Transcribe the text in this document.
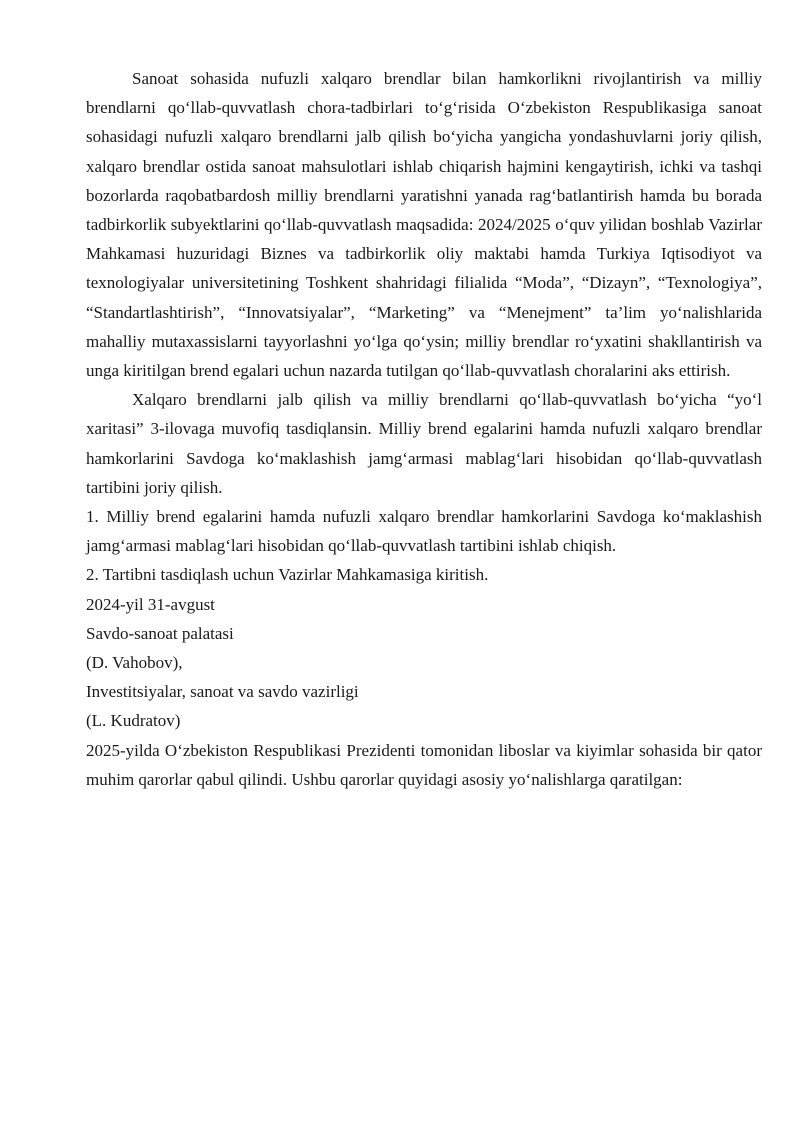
Sanoat sohasida nufuzli xalqaro brendlar bilan hamkorlikni rivojlantirish va milliy brendlarni qo‘llab-quvvatlash chora-tadbirlari to‘g‘risida O‘zbekiston Respublikasiga sanoat sohasidagi nufuzli xalqaro brendlarni jalb qilish bo‘yicha yangicha yondashuvlarni joriy qilish, xalqaro brendlar ostida sanoat mahsulotlari ishlab chiqarish hajmini kengaytirish, ichki va tashqi bozorlarda raqobatbardosh milliy brendlarni yaratishni yanada rag‘batlantirish hamda bu borada tadbirkorlik subyektlarini qo‘llab-quvvatlash maqsadida: 2024/2025 o‘quv yilidan boshlab Vazirlar Mahkamasi huzuridagi Biznes va tadbirkorlik oliy maktabi hamda Turkiya Iqtisodiyot va texnologiyalar universitetining Toshkent shahridagi filialida “Moda”, “Dizayn”, “Texnologiya”, “Standartlashtirish”, “Innovatsiyalar”, “Marketing” va “Menejment” ta’lim yo‘nalishlarida mahalliy mutaxassislarni tayyorlashni yo‘lga qo‘ysin; milliy brendlar ro‘yxatini shakllantirish va unga kiritilgan brend egalari uchun nazarda tutilgan qo‘llab-quvvatlash choralarini aks ettirish.

Xalqaro brendlarni jalb qilish va milliy brendlarni qo‘llab-quvvatlash bo‘yicha “yo‘l xaritasi” 3-ilovaga muvofiq tasdiqlansin. Milliy brend egalarini hamda nufuzli xalqaro brendlar hamkorlarini Savdoga ko‘maklashish jamg‘armasi mablag‘lari hisobidan qo‘llab-quvvatlash tartibini joriy qilish.

1. Milliy brend egalarini hamda nufuzli xalqaro brendlar hamkorlarini Savdoga ko‘maklashish jamg‘armasi mablag‘lari hisobidan qo‘llab-quvvatlash tartibini ishlab chiqish.

2. Tartibni tasdiqlash uchun Vazirlar Mahkamasiga kiritish.

2024-yil 31-avgust

Savdo-sanoat palatasi

(D. Vahobov),

Investitsiyalar, sanoat va savdo vazirligi

(L. Kudratov)

2025-yilda O‘zbekiston Respublikasi Prezidenti tomonidan liboslar va kiyimlar sohasida bir qator muhim qarorlar qabul qilindi. Ushbu qarorlar quyidagi asosiy yo‘nalishlarga qaratilgan:
